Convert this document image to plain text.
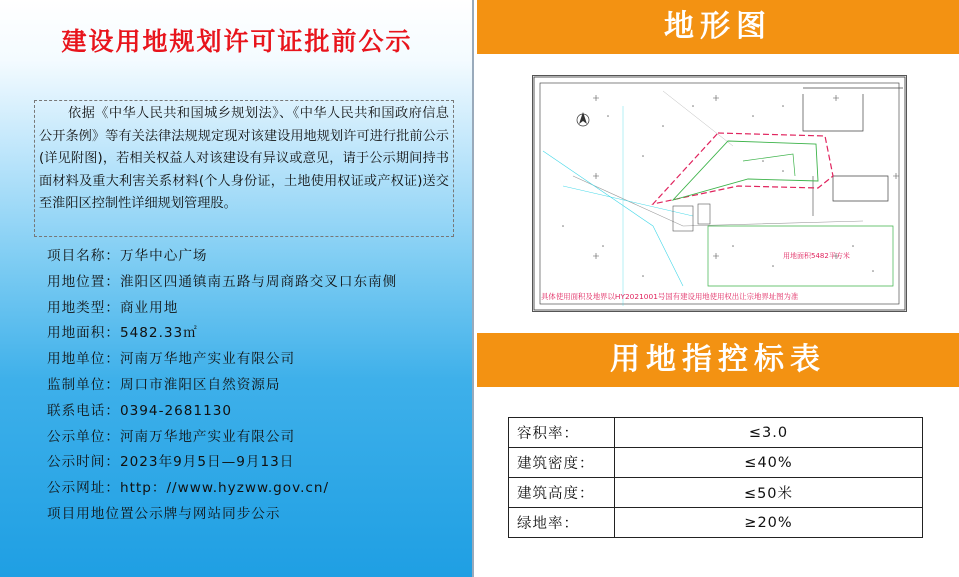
建设用地规划许可证批前公示
依据《中华人民共和国城乡规划法》、《中华人民共和国政府信息公开条例》等有关法律法规规定现对该建设用地规划许可进行批前公示(详见附图)，若相关权益人对该建设有异议或意见，请于公示期间持书面材料及重大利害关系材料(个人身份证，土地使用权证或产权证)送交至淮阳区控制性详细规划管理股。
项目名称：万华中心广场
用地位置：淮阳区四通镇南五路与周商路交叉口东南侧
用地类型：商业用地
用地面积：5482.33㎡
用地单位：河南万华地产实业有限公司
监制单位：周口市淮阳区自然资源局
联系电话：0394-2681130
公示单位：河南万华地产实业有限公司
公示时间：2023年9月5日—9月13日
公示网址：http：//www.hyzww.gov.cn/
项目用地位置公示牌与网站同步公示
地形图
用地面积5482平方米
具体使用面积及地界以HY2021001号国有建设用地使用权出让宗地界址图为准
用地指控标表
容积率：	≤3.0
建筑密度：	≤40%
建筑高度：	≤50米
绿地率：	≥20%
